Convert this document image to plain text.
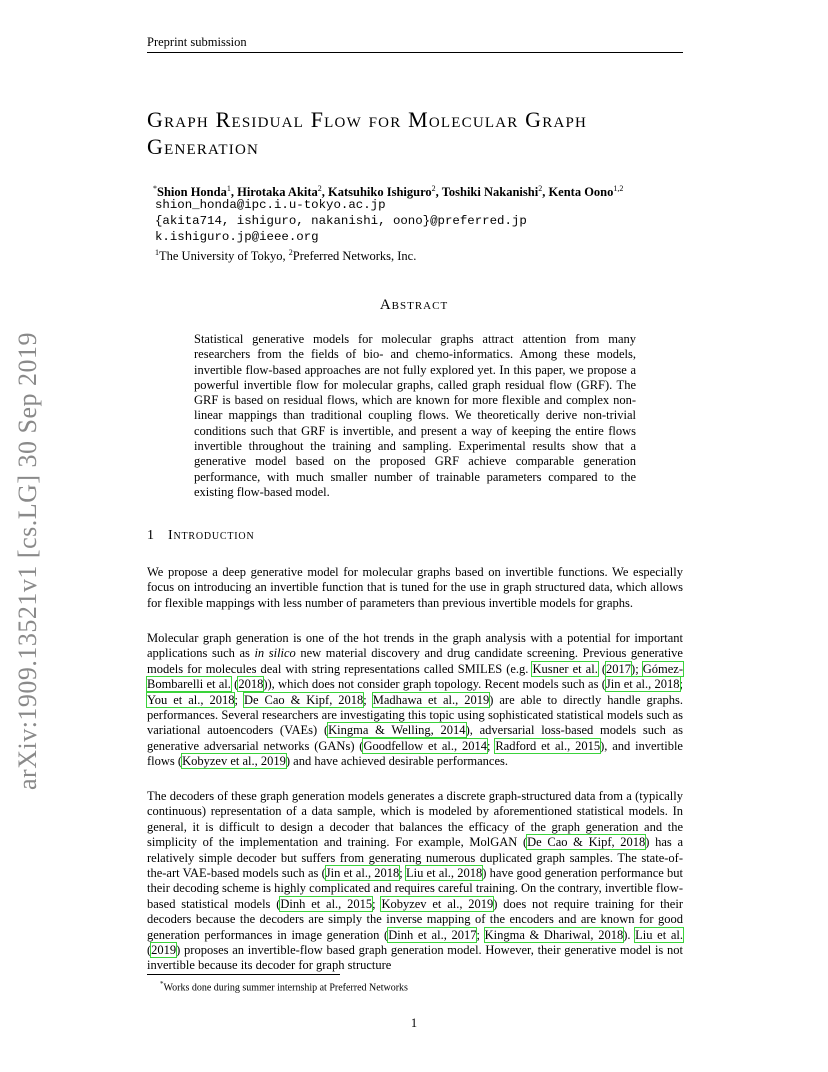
Preprint submission
Graph Residual Flow for Molecular Graph
Generation
*Shion Honda$^1$, Hirotaka Akita$^2$, Katsuhiko Ishiguro$^2$, Toshiki Nakanishi$^2$, Kenta Oono$^{1,2}$
shion_honda@ipc.i.u-tokyo.ac.jp
{akita714, ishiguro, nakanishi, oono}@preferred.jp
k.ishiguro.jp@ieee.org
$^1$The University of Tokyo, $^2$Preferred Networks, Inc.
arXiv:1909.13521v1 [cs.LG] 30 Sep 2019
Abstract

Statistical generative models for molecular graphs attract attention from many researchers from the fields of bio- and chemo-informatics. Among these models, invertible flow-based approaches are not fully explored yet. In this paper, we propose a powerful invertible flow for molecular graphs, called graph residual flow (GRF). The GRF is based on residual flows, which are known for more flexible and complex non-linear mappings than traditional coupling flows. We theoretically derive non-trivial conditions such that GRF is invertible, and present a way of keeping the entire flows invertible throughout the training and sampling. Experimental results show that a generative model based on the proposed GRF achieve comparable generation performance, with much smaller number of trainable parameters compared to the existing flow-based model.

1 Introduction

We propose a deep generative model for molecular graphs based on invertible functions. We especially focus on introducing an invertible function that is tuned for the use in graph structured data, which allows for flexible mappings with less number of parameters than previous invertible models for graphs.

Molecular graph generation is one of the hot trends in the graph analysis with a potential for important applications such as in silico new material discovery and drug candidate screening. Previous generative models for molecules deal with string representations called SMILES (e.g. Kusner et al. (2017); Gómez-Bombarelli et al. (2018)), which does not consider graph topology. Recent models such as (Jin et al., 2018; You et al., 2018; De Cao & Kipf, 2018; Madhawa et al., 2019) are able to directly handle graphs. performances. Several researchers are investigating this topic using sophisticated statistical models such as variational autoencoders (VAEs) (Kingma & Welling, 2014), adversarial loss-based models such as generative adversarial networks (GANs) (Goodfellow et al., 2014; Radford et al., 2015), and invertible flows (Kobyzev et al., 2019) and have achieved desirable performances.

The decoders of these graph generation models generates a discrete graph-structured data from a (typically continuous) representation of a data sample, which is modeled by aforementioned statistical models. In general, it is difficult to design a decoder that balances the efficacy of the graph generation and the simplicity of the implementation and training. For example, MolGAN (De Cao & Kipf, 2018) has a relatively simple decoder but suffers from generating numerous duplicated graph samples. The state-of-the-art VAE-based models such as (Jin et al., 2018; Liu et al., 2018) have good generation performance but their decoding scheme is highly complicated and requires careful training. On the contrary, invertible flow-based statistical models (Dinh et al., 2015; Kobyzev et al., 2019) does not require training for their decoders because the decoders are simply the inverse mapping of the encoders and are known for good generation performances in image generation (Dinh et al., 2017; Kingma & Dhariwal, 2018). Liu et al. (2019) proposes an invertible-flow based graph generation model. However, their generative model is not invertible because its decoder for graph structure

*Works done during summer internship at Preferred Networks
1
